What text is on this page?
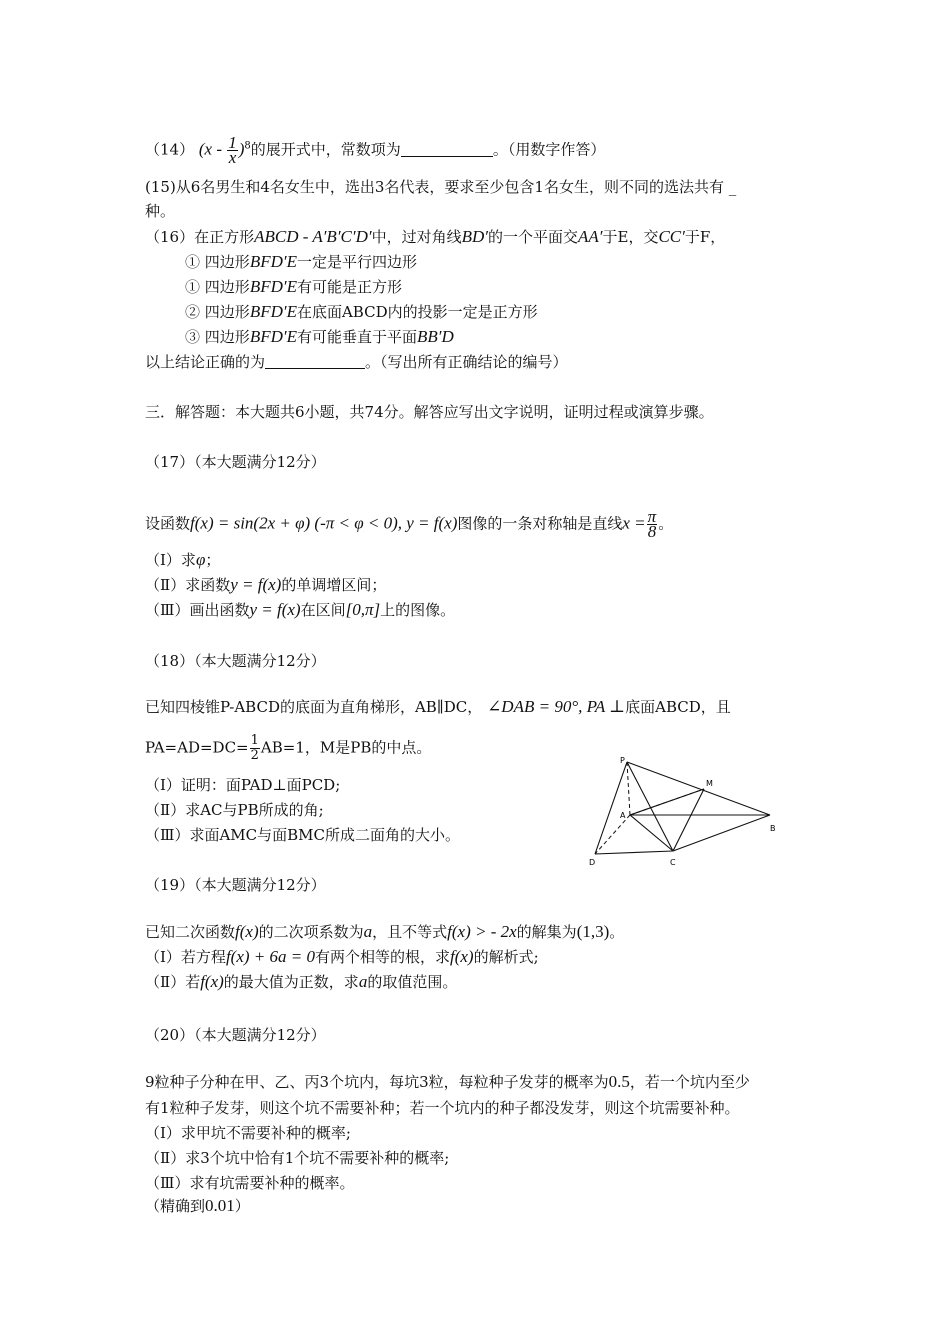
（14） $(x - \frac{1}{x} )^8$的展开式中，常数项为	。（用数字作答）
(15)从6名男生和4名女生中，选出3名代表，要求至少包含1名女生，则不同的选法共有 _
种。
（16）在正方形ABCD - A′B′C′D′中，过对角线BD′的一个平面交AA′于E，交CC′于F，
① 四边形BFD′E一定是平行四边形
① 四边形BFD′E有可能是正方形
② 四边形BFD′E在底面ABCD内的投影一定是正方形
③ 四边形BFD′E有可能垂直于平面BB′D
以上结论正确的为	。（写出所有正确结论的编号）
三．解答题：本大题共6小题，共74分。解答应写出文字说明，证明过程或演算步骤。
（17）（本大题满分12分）
设函数f(x) = sin(2x + φ) (-π < φ < 0), y = f(x)图像的一条对称轴是直线$x = \frac{\pi}{8}$ 。
（Ⅰ）求φ；
（Ⅱ）求函数y = f(x)的单调增区间；
（Ⅲ）画出函数y = f(x)在区间[0,π]上的图像。
（18）（本大题满分12分）
已知四棱锥P-ABCD的底面为直角梯形，AB∥DC， ∠DAB = 90°, PA ⊥底面ABCD，且
$PA=AD=DC= \frac{1}{2} AB=1$，M是PB的中点。
（Ⅰ）证明：面PAD⊥面PCD;
（Ⅱ）求AC与PB所成的角;
（Ⅲ）求面AMC与面BMC所成二面角的大小。
P
M
A
B
C
D
（19）（本大题满分12分）
已知二次函数f(x)的二次项系数为a，且不等式f(x) > - 2x的解集为(1,3)。
（Ⅰ）若方程f(x) + 6a = 0有两个相等的根，求f(x)的解析式;
（Ⅱ）若f(x)的最大值为正数，求a的取值范围。
（20）（本大题满分12分）
9粒种子分种在甲、乙、丙3个坑内，每坑3粒，每粒种子发芽的概率为0.5，若一个坑内至少
有1粒种子发芽，则这个坑不需要补种；若一个坑内的种子都没发芽，则这个坑需要补种。
（Ⅰ）求甲坑不需要补种的概率;
（Ⅱ）求3个坑中恰有1个坑不需要补种的概率;
（Ⅲ）求有坑需要补种的概率。
（精确到0.01）
